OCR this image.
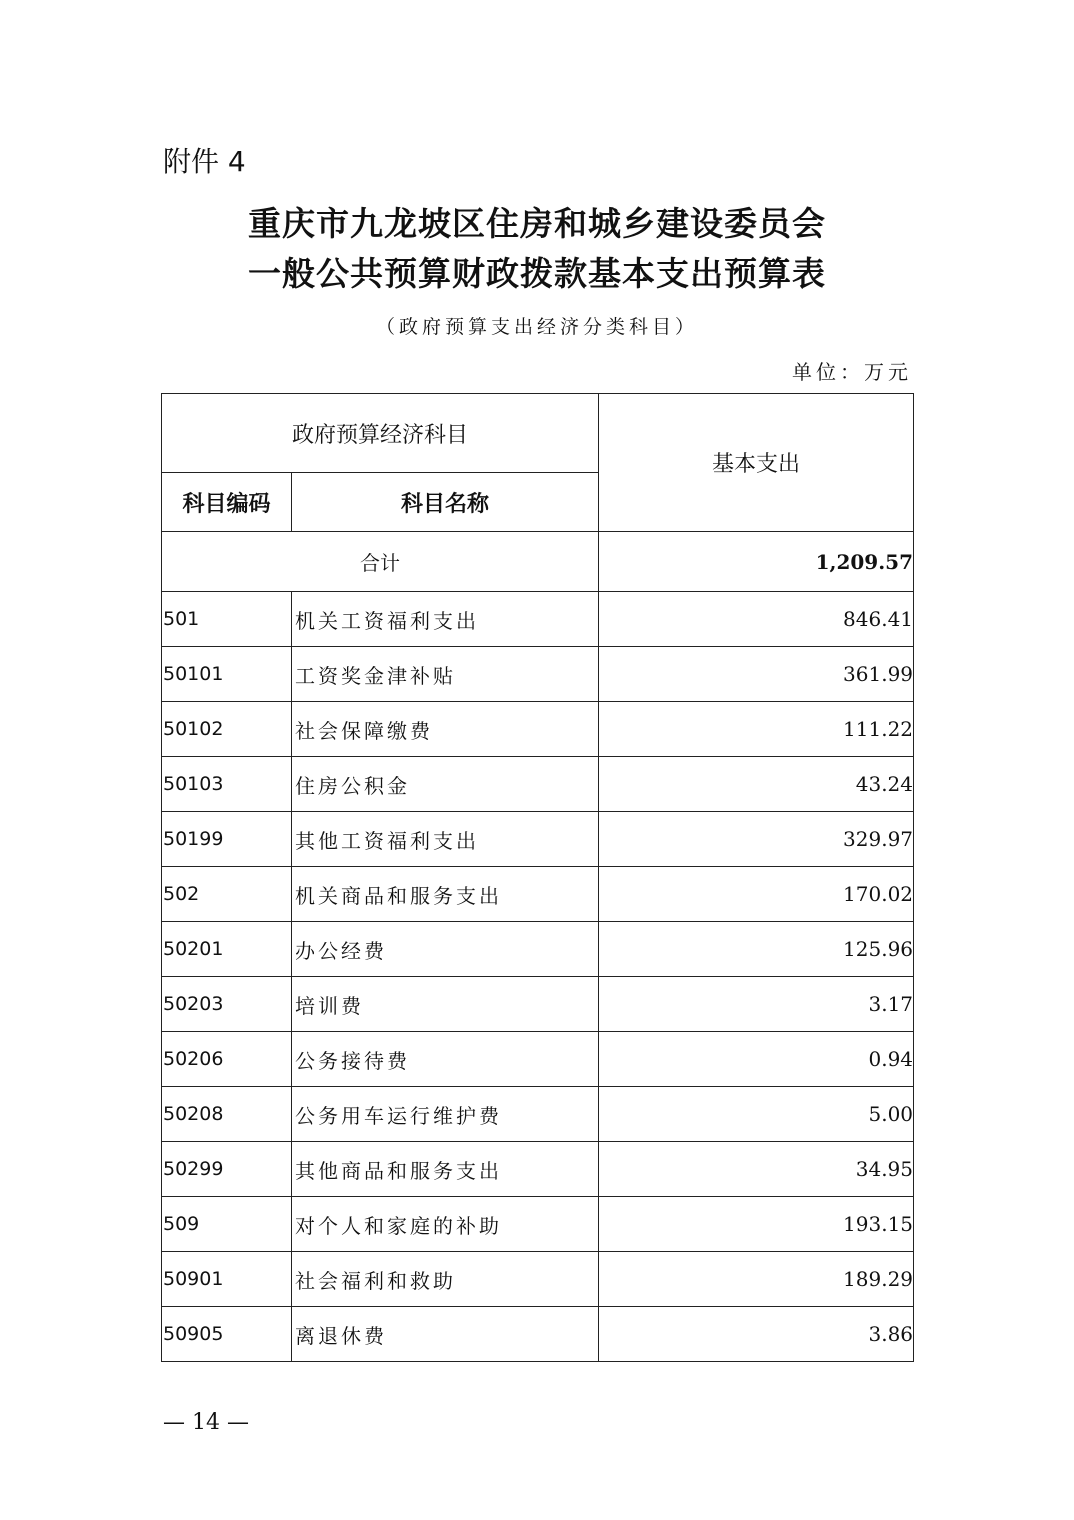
附件 4
重庆市九龙坡区住房和城乡建设委员会
一般公共预算财政拨款基本支出预算表
（政府预算支出经济分类科目）
单位：万元
政府预算经济科目		基本支出
科目编码	科目名称	
合计		1,209.57
501	机关工资福利支出	846.41
50101	工资奖金津补贴	361.99
50102	社会保障缴费	111.22
50103	住房公积金	43.24
50199	其他工资福利支出	329.97
502	机关商品和服务支出	170.02
50201	办公经费	125.96
50203	培训费	3.17
50206	公务接待费	0.94
50208	公务用车运行维护费	5.00
50299	其他商品和服务支出	34.95
509	对个人和家庭的补助	193.15
50901	社会福利和救助	189.29
50905	离退休费	3.86
— 14 —
